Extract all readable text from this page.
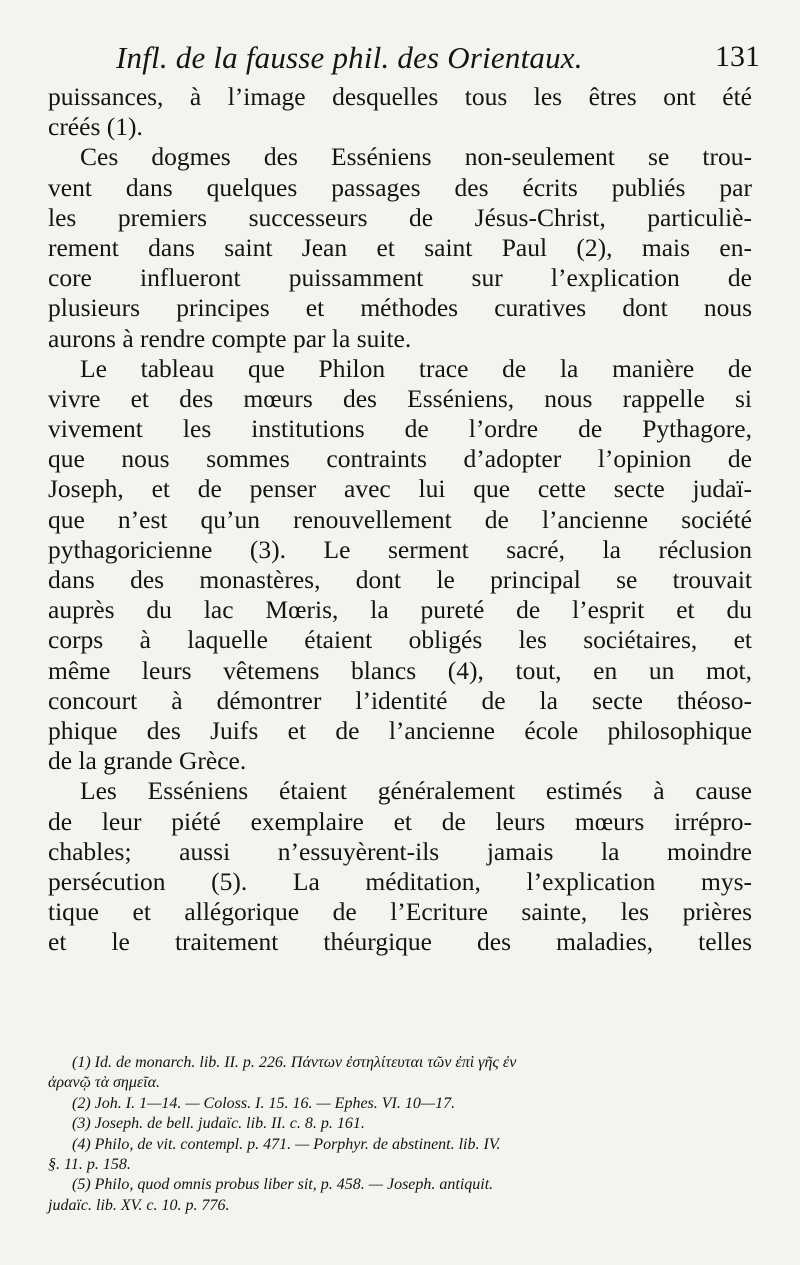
Infl. de la fausse phil. des Orientaux.	131

puissances, à l’image desquelles tous les êtres ont été
créés (1).

Ces dogmes des Esséniens non-seulement se trou-
vent dans quelques passages des écrits publiés par
les premiers successeurs de Jésus-Christ, particuliè-
rement dans saint Jean et saint Paul (2), mais en-
core influeront puissamment sur l’explication de
plusieurs principes et méthodes curatives dont nous
aurons à rendre compte par la suite.

Le tableau que Philon trace de la manière de
vivre et des mœurs des Esséniens, nous rappelle si
vivement les institutions de l’ordre de Pythagore,
que nous sommes contraints d’adopter l’opinion de
Joseph, et de penser avec lui que cette secte judaï-
que n’est qu’un renouvellement de l’ancienne société
pythagoricienne (3). Le serment sacré, la réclusion
dans des monastères, dont le principal se trouvait
auprès du lac Mœris, la pureté de l’esprit et du
corps à laquelle étaient obligés les sociétaires, et
même leurs vêtemens blancs (4), tout, en un mot,
concourt à démontrer l’identité de la secte théoso-
phique des Juifs et de l’ancienne école philosophique
de la grande Grèce.

Les Esséniens étaient généralement estimés à cause
de leur piété exemplaire et de leurs mœurs irrépro-
chables; aussi n’essuyèrent-ils jamais la moindre
persécution (5). La méditation, l’explication mys-
tique et allégorique de l’Ecriture sainte, les prières
et le traitement théurgique des maladies, telles

(1) Id. de monarch. lib. II. p. 226. Πάντων ἐστηλίτευται τῶν ἐπὶ γῆς ἐν
ἀρανῷ τὰ σημεῖα.
(2) Joh. I. 1—14. — Coloss. I. 15. 16. — Ephes. VI. 10—17.
(3) Joseph. de bell. judaïc. lib. II. c. 8. p. 161.
(4) Philo, de vit. contempl. p. 471. — Porphyr. de abstinent. lib. IV.
§. 11. p. 158.
(5) Philo, quod omnis probus liber sit, p. 458. — Joseph. antiquit.
judaïc. lib. XV. c. 10. p. 776.
